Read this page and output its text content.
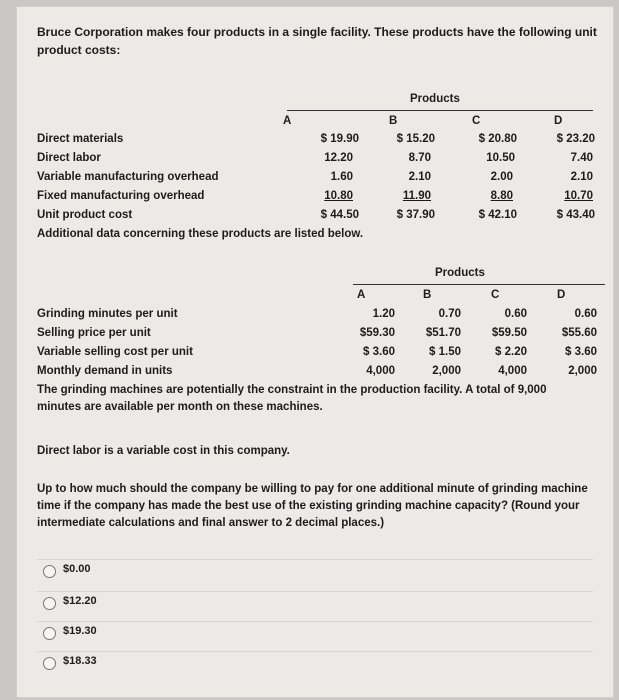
Bruce Corporation makes four products in a single facility. These products have the following unit product costs:
Products
A	B	C	D
Direct materials	$ 19.90	$ 15.20	$ 20.80	$ 23.20
Direct labor	12.20	8.70	10.50	7.40
Variable manufacturing overhead	1.60	2.10	2.00	2.10
Fixed manufacturing overhead	10.80	11.90	8.80	10.70
Unit product cost	$ 44.50	$ 37.90	$ 42.10	$ 43.40
Additional data concerning these products are listed below.
Products
A	B	C	D
Grinding minutes per unit	1.20	0.70	0.60	0.60
Selling price per unit	$59.30	$51.70	$59.50	$55.60
Variable selling cost per unit	$ 3.60	$ 1.50	$ 2.20	$ 3.60
Monthly demand in units	4,000	2,000	4,000	2,000
The grinding machines are potentially the constraint in the production facility. A total of 9,000 minutes are available per month on these machines.
Direct labor is a variable cost in this company.
Up to how much should the company be willing to pay for one additional minute of grinding machine time if the company has made the best use of the existing grinding machine capacity? (Round your intermediate calculations and final answer to 2 decimal places.)
$0.00
$12.20
$19.30
$18.33
